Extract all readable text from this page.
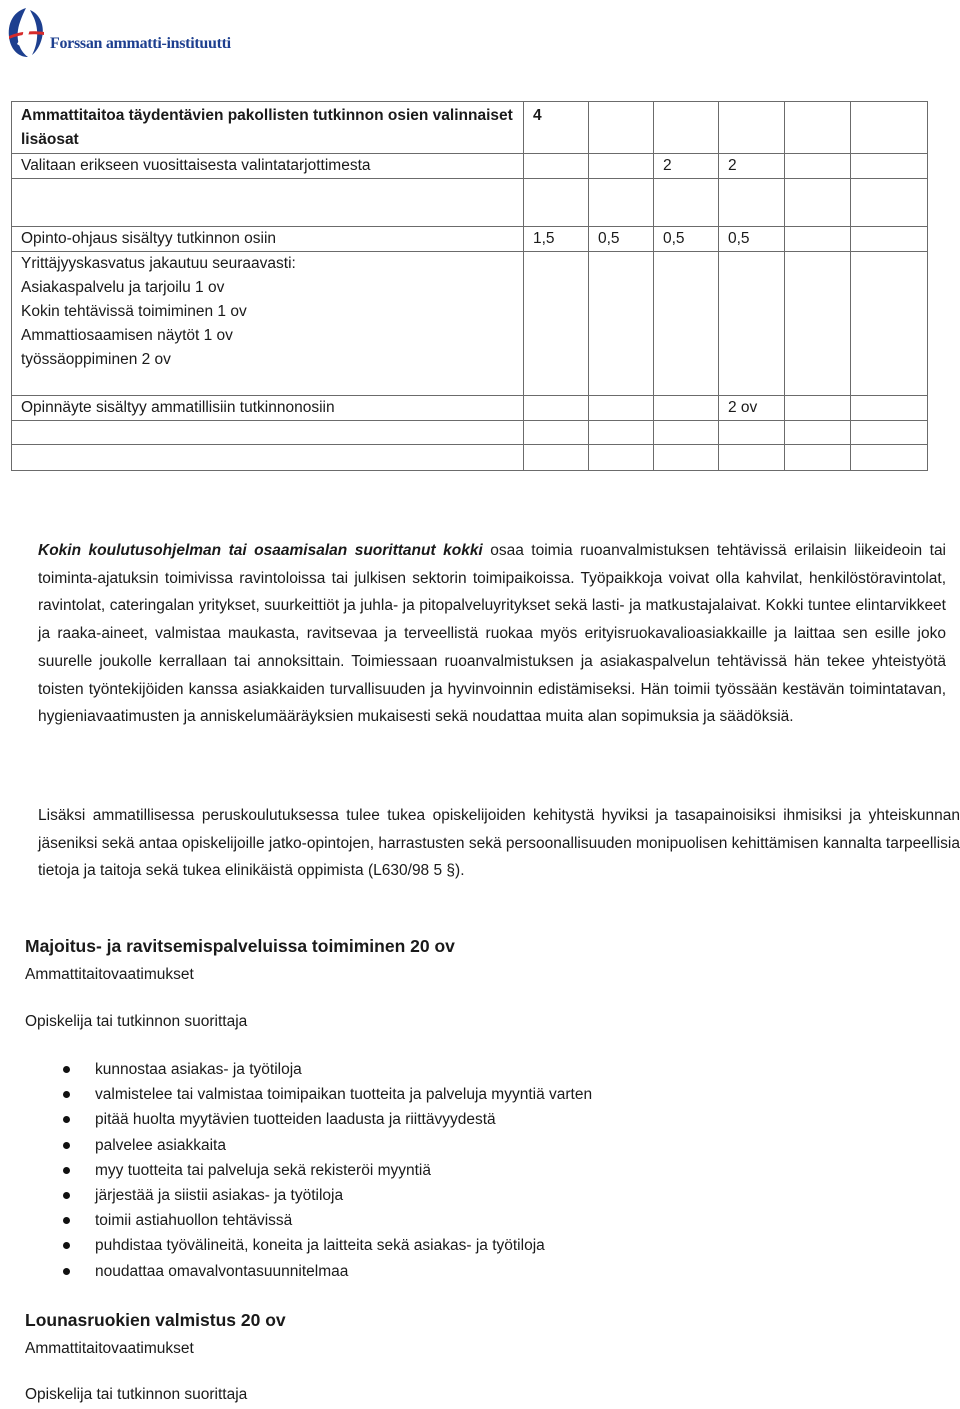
Forssan ammatti-instituutti
Ammattitaitoa täydentävien pakollisten tutkinnon osien valinnaiset lisäosat	4					
Valitaan erikseen vuosittaisesta valintatarjottimesta			2	2		

Opinto-ohjaus sisältyy tutkinnon osiin	1,5	0,5	0,5	0,5		
Yrittäjyyskasvatus jakautuu seuraavasti:
Asiakaspalvelu ja tarjoilu 1 ov
Kokin tehtävissä toimiminen 1 ov
Ammattiosaamisen näytöt 1 ov
työssäoppiminen 2 ov						
Opinnäyte sisältyy ammatillisiin tutkinnonosiin				2 ov		

Kokin koulutusohjelman tai osaamisalan suorittanut kokki osaa toimia ruoanvalmistuksen tehtävissä erilaisin liikeideoin tai toiminta-ajatuksin toimivissa ravintoloissa tai julkisen sektorin toimipaikoissa. Työpaikkoja voivat olla kahvilat, henkilöstöravintolat, ravintolat, cateringalan yritykset, suurkeittiöt ja juhla- ja pitopalveluyritykset sekä lasti- ja matkustajalaivat. Kokki tuntee elintarvikkeet ja raaka-aineet, valmistaa maukasta, ravitsevaa ja terveellistä ruokaa myös erityisruokavalioasiakkaille ja laittaa sen esille joko suurelle joukolle kerrallaan tai annoksittain. Toimiessaan ruoanvalmistuksen ja asiakaspalvelun tehtävissä hän tekee yhteistyötä toisten työntekijöiden kanssa asiakkaiden turvallisuuden ja hyvinvoinnin edistämiseksi. Hän toimii työssään kestävän toimintatavan, hygieniavaatimusten ja anniskelumääräyksien mukaisesti sekä noudattaa muita alan sopimuksia ja säädöksiä.
Lisäksi ammatillisessa peruskoulutuksessa tulee tukea opiskelijoiden kehitystä hyviksi ja tasapainoisiksi ihmisiksi ja yhteiskunnan jäseniksi sekä antaa opiskelijoille jatko-opintojen, harrastusten sekä persoonallisuuden monipuolisen kehittämisen kannalta tarpeellisia tietoja ja taitoja sekä tukea elinikäistä oppimista (L630/98 5 §).
Majoitus- ja ravitsemispalveluissa toimiminen 20 ov
Ammattitaitovaatimukset
Opiskelija tai tutkinnon suorittaja
kunnostaa asiakas- ja työtiloja
valmistelee tai valmistaa toimipaikan tuotteita ja palveluja myyntiä varten
pitää huolta myytävien tuotteiden laadusta ja riittävyydestä
palvelee asiakkaita
myy tuotteita tai palveluja sekä rekisteröi myyntiä
järjestää ja siistii asiakas- ja työtiloja
toimii astiahuollon tehtävissä
puhdistaa työvälineitä, koneita ja laitteita sekä asiakas- ja työtiloja
noudattaa omavalvontasuunnitelmaa
Lounasruokien valmistus 20 ov
Ammattitaitovaatimukset
Opiskelija tai tutkinnon suorittaja
